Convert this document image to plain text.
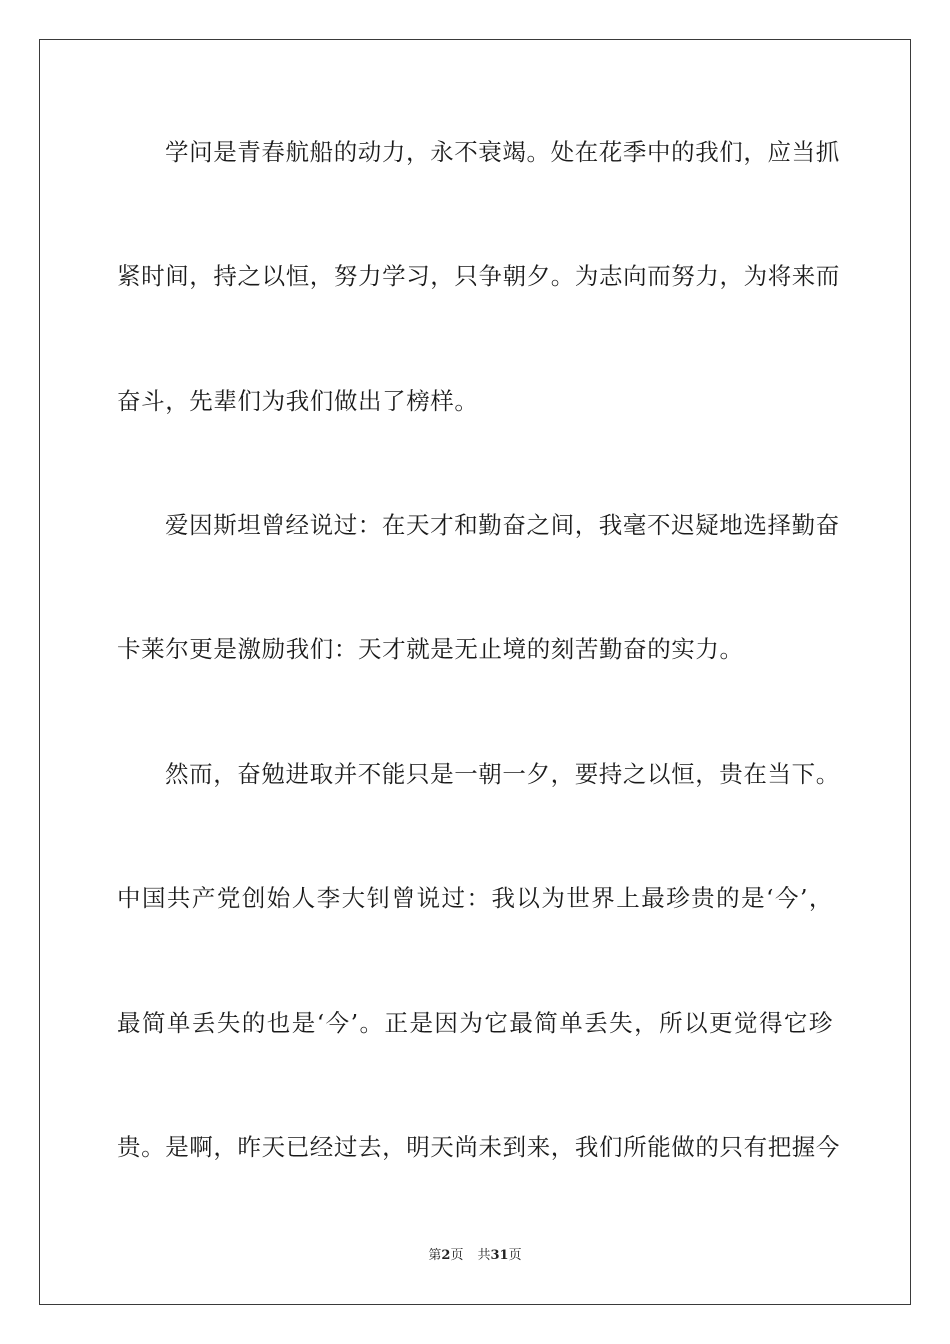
学问是青春航船的动力，永不衰竭。处在花季中的我们，应当抓
紧时间，持之以恒，努力学习，只争朝夕。为志向而努力，为将来而
奋斗，先辈们为我们做出了榜样。
爱因斯坦曾经说过：在天才和勤奋之间，我毫不迟疑地选择勤奋
卡莱尔更是激励我们：天才就是无止境的刻苦勤奋的实力。
然而，奋勉进取并不能只是一朝一夕，要持之以恒，贵在当下。
中国共产党创始人李大钊曾说过：我以为世界上最珍贵的是‘今’，
最简单丢失的也是‘今’。正是因为它最简单丢失，所以更觉得它珍
贵。是啊，昨天已经过去，明天尚未到来，我们所能做的只有把握今
第2页 共31页
